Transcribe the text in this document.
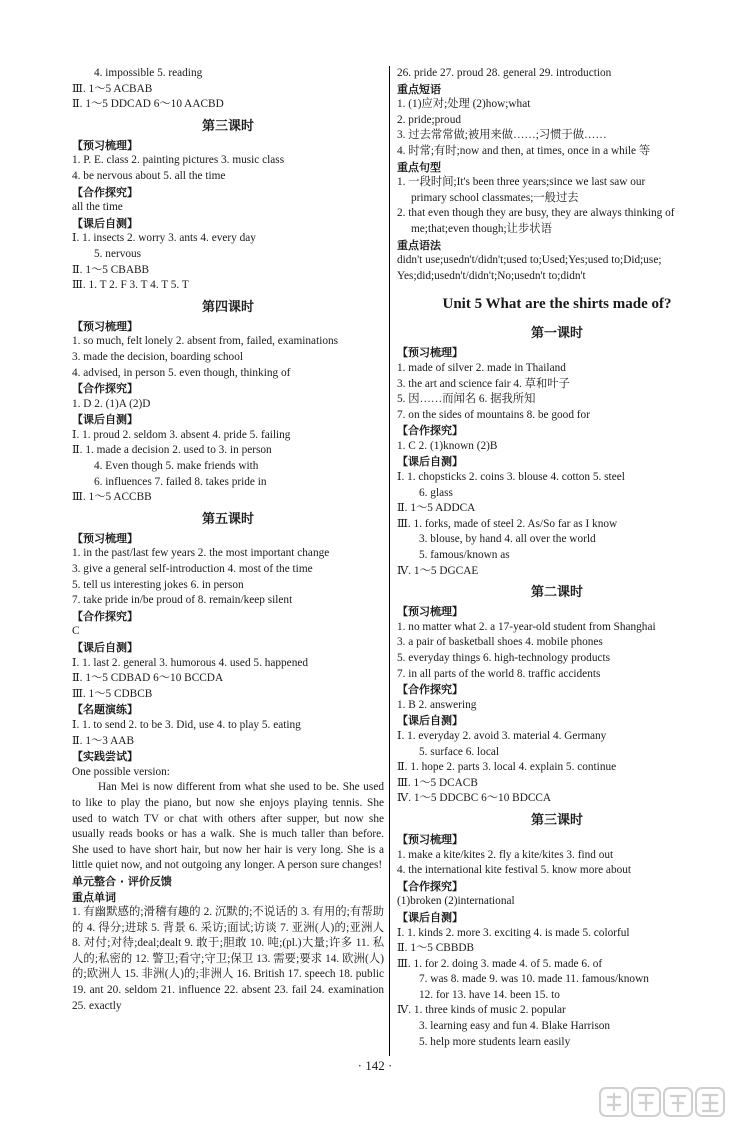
4. impossible 5. reading
Ⅲ. 1～5 ACBAB
Ⅱ. 1～5 DDCAD 6～10 AACBD
第三课时
【预习梳理】
1. P. E. class 2. painting pictures 3. music class
4. be nervous about 5. all the time
【合作探究】
all the time
【课后自测】
Ⅰ. 1. insects 2. worry 3. ants 4. every day
5. nervous
Ⅱ. 1～5 CBABB
Ⅲ. 1. T 2. F 3. T 4. T 5. T
第四课时
【预习梳理】
1. so much, felt lonely 2. absent from, failed, examinations
3. made the decision, boarding school
4. advised, in person 5. even though, thinking of
【合作探究】
1. D 2. (1)A (2)D
【课后自测】
Ⅰ. 1. proud 2. seldom 3. absent 4. pride 5. failing
Ⅱ. 1. made a decision 2. used to 3. in person
4. Even though 5. make friends with
6. influences 7. failed 8. takes pride in
Ⅲ. 1～5 ACCBB
第五课时
【预习梳理】
1. in the past/last few years 2. the most important change
3. give a general self-introduction 4. most of the time
5. tell us interesting jokes 6. in person
7. take pride in/be proud of 8. remain/keep silent
【合作探究】
C
【课后自测】
Ⅰ. 1. last 2. general 3. humorous 4. used 5. happened
Ⅱ. 1～5 CDBAD 6～10 BCCDA
Ⅲ. 1～5 CDBCB
【名题演练】
Ⅰ. 1. to send 2. to be 3. Did, use 4. to play 5. eating
Ⅱ. 1～3 AAB
【实践尝试】
One possible version:
Han Mei is now different from what she used to be. She used to like to play the piano, but now she enjoys playing tennis. She used to watch TV or chat with others after supper, but now she usually reads books or has a walk. She is much taller than before. She used to have short hair, but now her hair is very long. She is a little quiet now, and not outgoing any longer. A person sure changes!
单元整合 · 评价反馈
重点单词
1. 有幽默感的;滑稽有趣的 2. 沉默的;不说话的 3. 有用的;有帮助的 4. 得分;进球 5. 背景 6. 采访;面试;访谈 7. 亚洲(人)的;亚洲人 8. 对付;对待;deal;dealt 9. 敢于;胆敢 10. 吨;(pl.)大量;许多 11. 私人的;私密的 12. 警卫;看守;守卫;保卫 13. 需要;要求 14. 欧洲(人)的;欧洲人 15. 非洲(人)的;非洲人 16. British 17. speech 18. public 19. ant 20. seldom 21. influence 22. absent 23. fail 24. examination 25. exactly
26. pride 27. proud 28. general 29. introduction
重点短语
1. (1)应对;处理 (2)how;what
2. pride;proud
3. 过去常常做;被用来做……;习惯于做……
4. 时常;有时;now and then, at times, once in a while 等
重点句型
1. 一段时间;It's been three years;since we last saw our
primary school classmates;一般过去
2. that even though they are busy, they are always thinking of
me;that;even though;让步状语
重点语法
didn't use;usedn't/didn't;used to;Used;Yes;used to;Did;use;
Yes;did;usedn't/didn't;No;usedn't to;didn't
Unit 5 What are the shirts made of?
第一课时
【预习梳理】
1. made of silver 2. made in Thailand
3. the art and science fair 4. 草和叶子
5. 因……而闻名 6. 据我所知
7. on the sides of mountains 8. be good for
【合作探究】
1. C 2. (1)known (2)B
【课后自测】
Ⅰ. 1. chopsticks 2. coins 3. blouse 4. cotton 5. steel
6. glass
Ⅱ. 1～5 ADDCA
Ⅲ. 1. forks, made of steel 2. As/So far as I know
3. blouse, by hand 4. all over the world
5. famous/known as
Ⅳ. 1～5 DGCAE
第二课时
【预习梳理】
1. no matter what 2. a 17-year-old student from Shanghai
3. a pair of basketball shoes 4. mobile phones
5. everyday things 6. high-technology products
7. in all parts of the world 8. traffic accidents
【合作探究】
1. B 2. answering
【课后自测】
Ⅰ. 1. everyday 2. avoid 3. material 4. Germany
5. surface 6. local
Ⅱ. 1. hope 2. parts 3. local 4. explain 5. continue
Ⅲ. 1～5 DCACB
Ⅳ. 1～5 DDCBC 6～10 BDCCA
第三课时
【预习梳理】
1. make a kite/kites 2. fly a kite/kites 3. find out
4. the international kite festival 5. know more about
【合作探究】
(1)broken (2)international
【课后自测】
Ⅰ. 1. kinds 2. more 3. exciting 4. is made 5. colorful
Ⅱ. 1～5 CBBDB
Ⅲ. 1. for 2. doing 3. made 4. of 5. made 6. of
7. was 8. made 9. was 10. made 11. famous/known
12. for 13. have 14. been 15. to
Ⅳ. 1. three kinds of music 2. popular
3. learning easy and fun 4. Blake Harrison
5. help more students learn easily
· 142 ·
